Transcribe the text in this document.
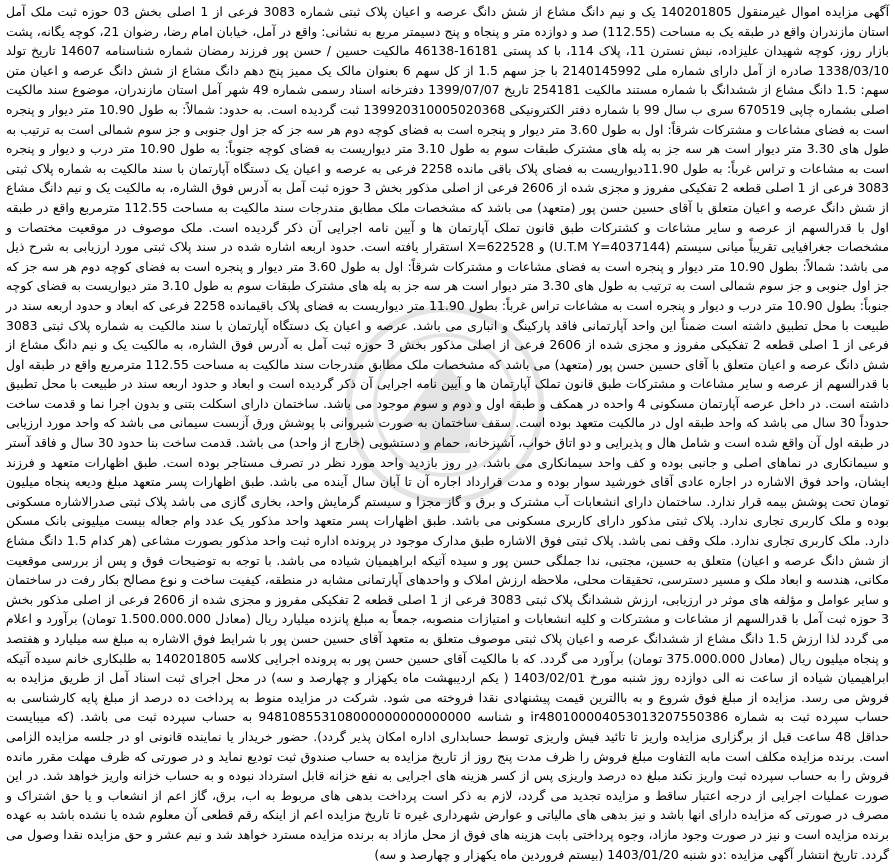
آگهی مزایده اموال غیرمنقول 140201805 یک و نیم دانگ مشاع از شش دانگ عرصه و اعیان پلاک ثبتی شماره 3083 فرعی از 1 اصلی بخش 03 حوزه ثبت ملک آمل استان مازندران واقع در طبقه یک به مساحت (112.55) صد و دوازده متر و پنجاه و پنج دسیمتر مربع به نشانی: واقع در آمل، خیابان امام رضا، رضوان 21، کوچه یگانه، پشت بازار روز، کوچه شهیدان علیزاده، نبش نسترن 11، پلاک 114، با کد پستی 16181-46138 مالکیت حسین / حسن پور فرزند رمضان شماره شناسنامه 14607 تاریخ تولد 1338/03/10 صادره از آمل دارای شماره ملی 2140145992 با جز سهم 1.5 از کل سهم 6 بعنوان مالک یک ممیز پنج دهم دانگ مشاع از شش دانگ عرصه و اعیان متن سهم: 1.5 دانگ مشاع از ششدانگ با شماره مستند مالکیت 254181 تاریخ 1399/07/07 دفترخانه اسناد رسمی شماره 49 شهر آمل استان مازندران، موضوع سند مالکیت اصلی بشماره چاپی 670519 سری ب سال 99 با شماره دفتر الکترونیکی 139920310005020368 ثبت گردیده است. به حدود: شمالاً: به طول 10.90 متر دیوار و پنجره است به فضای مشاعات و مشترکات شرقاً: اول به طول 3.60 متر دیوار و پنجره است به فضای کوچه دوم هر سه جز که جز اول جنوبی و جز سوم شمالی است به ترتیب به طول های 3.30 متر دیوار است هر سه جز به پله های مشترک طبقات سوم به طول 3.10 متر دیواریست به فضای کوچه جنوباً: به طول 10.90 متر درب و دیوار و پنجره است به مشاعات و تراس غرباً: به طول 11.90دیواریست به فضای پلاک باقی مانده 2258 فرعی به عرصه و اعیان یک دستگاه آپارتمان با سند مالکیت به شماره پلاک ثبتی 3083 فرعی از 1 اصلی قطعه 2 تفکیکی مفروز و مجزی شده از 2606 فرعی از اصلی مذکور بخش 3 حوزه ثبت آمل به آدرس فوق الشاره، به مالکیت یک و نیم دانگ مشاع از شش دانگ عرصه و اعیان متعلق با آقای حسین حسن پور (متعهد) می باشد که مشخصات ملک مطابق مندرجات سند مالکیت به مساحت 112.55 مترمربع واقع در طبقه اول با قدرالسهم از عرصه و سایر مشاعات و کشترکات طبق قانون تملک آپارتمان ها و آیین نامه اجرایی آن ذکر گردیده است. ملک موصوف در موقعیت مختصات و مشخصات جغرافیایی تقریباً میانی سیستم (U.T.M Y=4037144) و X=622528 استقرار یافته است. حدود اربعه اشاره شده در سند پلاک ثبتی مورد ارزیابی به شرح ذیل می باشد: شمالاً: بطول 10.90 متر دیوار و پنجره است به فضای مشاعات و مشترکات شرقاً: اول به طول 3.60 متر دیوار و پنجره است به فضای کوچه دوم هر سه جز که جز اول جنوبی و جز سوم شمالی است به ترتیب به طول های 3.30 متر دیوار است هر سه جز به پله های مشترک طبقات سوم به طول 3.10 متر دیواریست به فضای کوچه جنوباً: بطول 10.90 متر درب و دیوار و پنجره است به مشاعات تراس غرباً: بطول 11.90 متر دیواریست به فضای پلاک باقیمانده 2258 فرعی که ابعاد و حدود اربعه سند در طبیعت با محل تطبیق داشته است ضمناً این واحد آپارتمانی فاقد پارکینگ و انباری می باشد. عرصه و اعیان یک دستگاه آپارتمان با سند مالکیت به شماره پلاک ثبتی 3083 فرعی از 1 اصلی قطعه 2 تفکیکی مفروز و مجزی شده از 2606 فرعی از اصلی مذکور بخش 3 حوزه ثبت آمل به آدرس فوق الشاره، به مالکیت یک و نیم دانگ مشاع از شش دانگ عرصه و اعیان متعلق با آقای حسین حسن پور (متعهد) می باشد که مشخصات ملک مطابق مندرجات سند مالکیت به مساحت 112.55 مترمربع واقع در طبقه اول با قدرالسهم از عرصه و سایر مشاعات و مشترکات طبق قانون تملک آپارتمان ها و آیین نامه اجرایی آن ذکر گردیده است و ابعاد و حدود اربعه سند در طبیعت با محل تطبیق داشته است. در داخل عرصه آپارتمان مسکونی 4 واحده در همکف و طبقه اول و دوم و سوم موجود می باشد. ساختمان دارای اسکلت بتنی و بدون اجرا نما و قدمت ساخت حدوداً 30 سال می باشد که واحد طبقه اول در مالکیت متعهد بوده است. سقف ساختمان به صورت شیروانی با پوشش ورق آزبست سیمانی می باشد که واحد مورد ارزیابی در طبقه اول آن واقع شده است و شامل هال و پذیرایی و دو اتاق خواب، آشپزخانه، حمام و دستشویی (خارج از واحد) می باشد. قدمت ساخت بنا حدود 30 سال و فاقد آستر و سیمانکاری در نماهای اصلی و جانبی بوده و کف واحد سیمانکاری می باشد. در روز بازدید واحد مورد نظر در تصرف مستاجر بوده است. طبق اظهارات متعهد و فرزند ایشان، واحد فوق الاشاره در اجاره عادی آقای خورشید سوار بوده و مدت قرارداد اجاره آن تا آبان سال آینده می باشد. طبق اظهارات پسر متعهد مبلغ ودیعه پنجاه میلیون تومان تحت پوشش بیمه قرار ندارد. ساختمان دارای انشعابات آب مشترک و برق و گاز مجزا و سیستم گرمایش واحد، بخاری گازی می باشد پلاک ثبتی صدرالاشاره مسکونی بوده و ملک کاربری تجاری ندارد. پلاک ثبتی مذکور دارای کاربری مسکونی می باشد. طبق اظهارات پسر متعهد واحد مذکور یک عدد وام جعاله بیست میلیونی بانک مسکن دارد. ملک کاربری تجاری ندارد. ملک وقف نمی باشد. پلاک ثبتی فوق الاشاره طبق مدارک موجود در پرونده اداره ثبت واحد مذکور بصورت مشاعی (هر کدام 1.5 دانگ مشاع از شش دانگ عرصه و اعیان) متعلق به حسین، مجتبی، ندا جملگی حسن پور و سیده آتیکه ابراهیمیان شیاده می باشد. با توجه به توضیحات فوق و پس از بررسی موقعیت مکانی، هندسه و ابعاد ملک و مسیر دسترسی، تحقیقات محلی، ملاحظه ارزش املاک و واحدهای آپارتمانی مشابه در منطقه، کیفیت ساخت و نوع مصالح بکار رفت در ساختمان و سایر عوامل و مؤلفه های موثر در ارزیابی، ارزش ششدانگ پلاک ثبتی 3083 فرعی از 1 اصلی قطعه 2 تفکیکی مفروز و مجزی شده از 2606 فرعی از اصلی مذکور بخش 3 حوزه ثبت آمل با قدرالسهم از مشاعات و مشترکات و کلیه انشعابات و امتیازات منصوبه، جمعاً به مبلغ پانزده میلیارد ریال (معادل 1.500.000.000 تومان) برآورد و اعلام می گردد لذا ارزش 1.5 دانگ مشاع از ششدانگ عرصه و اعیان پلاک ثبتی موصوف متعلق به متعهد آقای حسین حسن پور با شرایط فوق الاشاره به مبلغ سه میلیارد و هفتصد و پنجاه میلیون ریال (معادل 375.000.000 تومان) برآورد می گردد. که با مالکیت آقای حسین حسن پور به پرونده اجرایی کلاسه 140201805 به طلبکاری خانم سیده آتیکه ابراهیمیان شیاده از ساعت نه الی دوازده روز شنبه مورخ 1403/02/01 ( یکم اردیبهشت ماه یکهزار و چهارصد و سه) در محل اجرای ثبت اسناد آمل از طریق مزایده به فروش می رسد. مزایده از مبلغ فوق شروع و به باالترین قیمت پیشنهادی نقدا فروخته می شود. شرکت در مزایده منوط به پرداخت ده درصد از مبلغ پایه کارشناسی به حساب سپرده ثبت به شماره ir480100004053013207550386 و شناسه 948108553108000000000000000 به حساب سپرده ثبت می باشد. (که میبایست حداقل 48 ساعت قبل از برگزاری مزایده واریز تا تائید فیش واریزی توسط حسابداری اداره امکان پذیر گردد). حضور خریدار یا نماینده قانونی او در جلسه مزایده الزامی است. برنده مزایده مکلف است مابه التفاوت مبلغ فروش را ظرف مدت پنج روز از تاریخ مزایده به حساب صندوق ثبت تودیع نماید و در صورتی که ظرف مهلت مقرر مانده فروش را به حساب سپرده ثبت واریز نکند مبلغ ده درصد واریزی پس از کسر هزینه های اجرایی به نفع خزانه قابل استرداد نبوده و به حساب خزانه واریز خواهد شد. در این صورت عملیات اجرایی از درجه اعتبار ساقط و مزایده تجدید می گردد، لازم به ذکر است پرداخت بدهی های مربوط به اب، برق، گاز اعم از انشعاب و یا حق اشتراک و مصرف در صورتی که مزایده دارای انها باشد و نیز بدهی های مالیاتی و عوارض شهرداری غیره تا تاریخ مزایده اعم از اینکه رقم قطعی آن معلوم شده یا نشده باشد به عهده برنده مزایده است و نیز در صورت وجود مازاد، وجوه پرداختی بابت هزینه های فوق از محل مازاد به برنده مزایده مسترد خواهد شد و نیم عشر و حق مزایده نقدا وصول می گردد. تاریخ انتشار آگهی مزایده :دو شنبه 1403/01/20 (بیستم فروردین ماه یکهزار و چهارصد و سه)
